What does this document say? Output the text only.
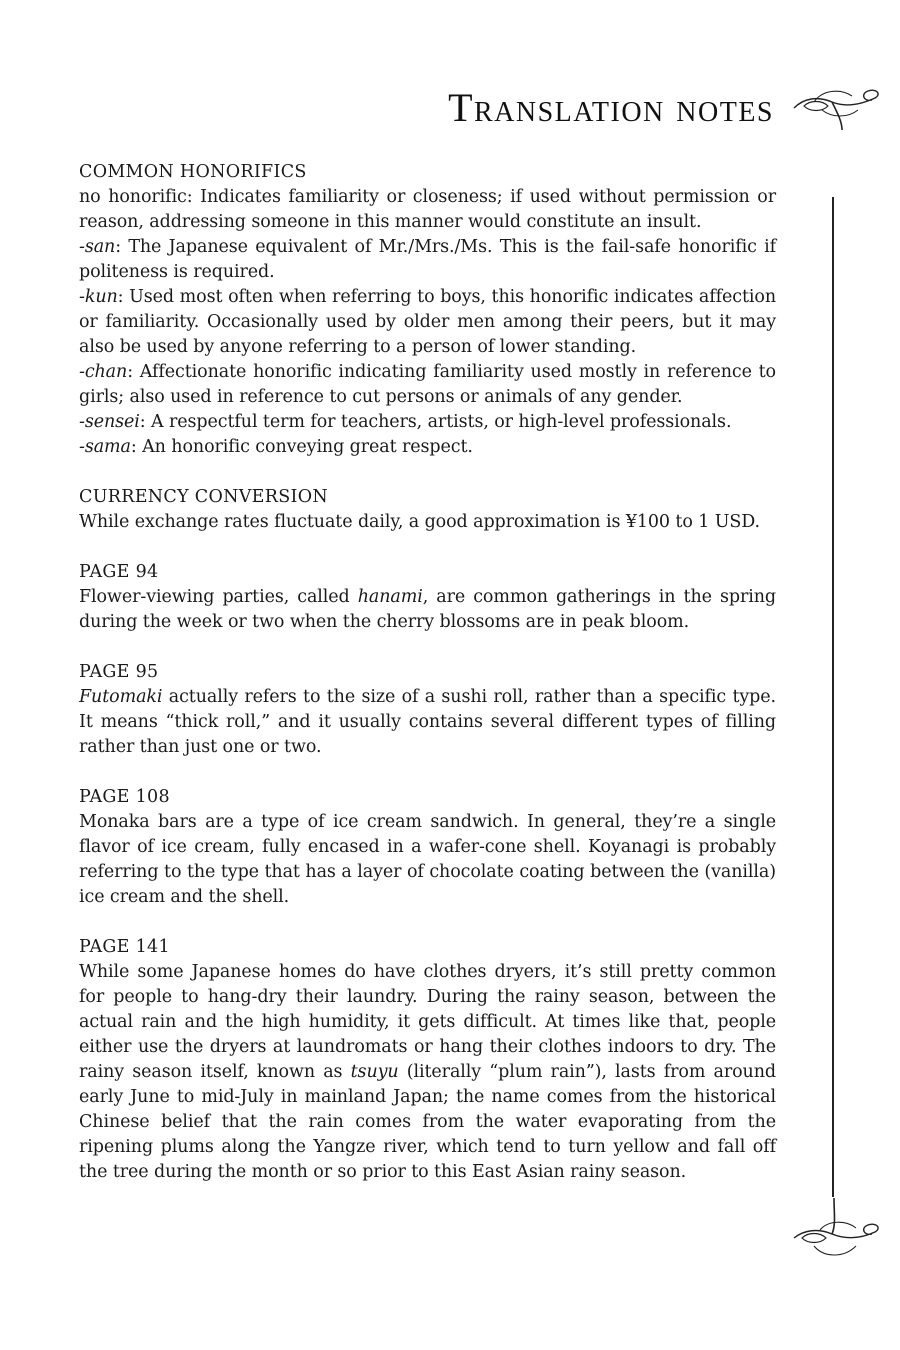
Translation notes
COMMON HONORIFICS
no honorific: Indicates familiarity or closeness; if used without permission or reason, addressing someone in this manner would constitute an insult.
-san: The Japanese equivalent of Mr./Mrs./Ms. This is the fail-safe honorific if politeness is required.
-kun: Used most often when referring to boys, this honorific indicates affection or familiarity. Occasionally used by older men among their peers, but it may also be used by anyone referring to a person of lower standing.
-chan: Affectionate honorific indicating familiarity used mostly in reference to girls; also used in reference to cut persons or animals of any gender.
-sensei: A respectful term for teachers, artists, or high-level professionals.
-sama: An honorific conveying great respect.
CURRENCY CONVERSION
While exchange rates fluctuate daily, a good approximation is ¥100 to 1 USD.
PAGE 94
Flower-viewing parties, called hanami, are common gatherings in the spring during the week or two when the cherry blossoms are in peak bloom.
PAGE 95
Futomaki actually refers to the size of a sushi roll, rather than a specific type. It means “thick roll,” and it usually contains several different types of filling rather than just one or two.
PAGE 108
Monaka bars are a type of ice cream sandwich. In general, they’re a single flavor of ice cream, fully encased in a wafer-cone shell. Koyanagi is probably referring to the type that has a layer of chocolate coating between the (vanilla) ice cream and the shell.
PAGE 141
While some Japanese homes do have clothes dryers, it’s still pretty common for people to hang-dry their laundry. During the rainy season, between the actual rain and the high humidity, it gets difficult. At times like that, people either use the dryers at laundromats or hang their clothes indoors to dry. The rainy season itself, known as tsuyu (literally “plum rain”), lasts from around early June to mid-July in mainland Japan; the name comes from the historical Chinese belief that the rain comes from the water evaporating from the ripening plums along the Yangze river, which tend to turn yellow and fall off the tree during the month or so prior to this East Asian rainy season.
